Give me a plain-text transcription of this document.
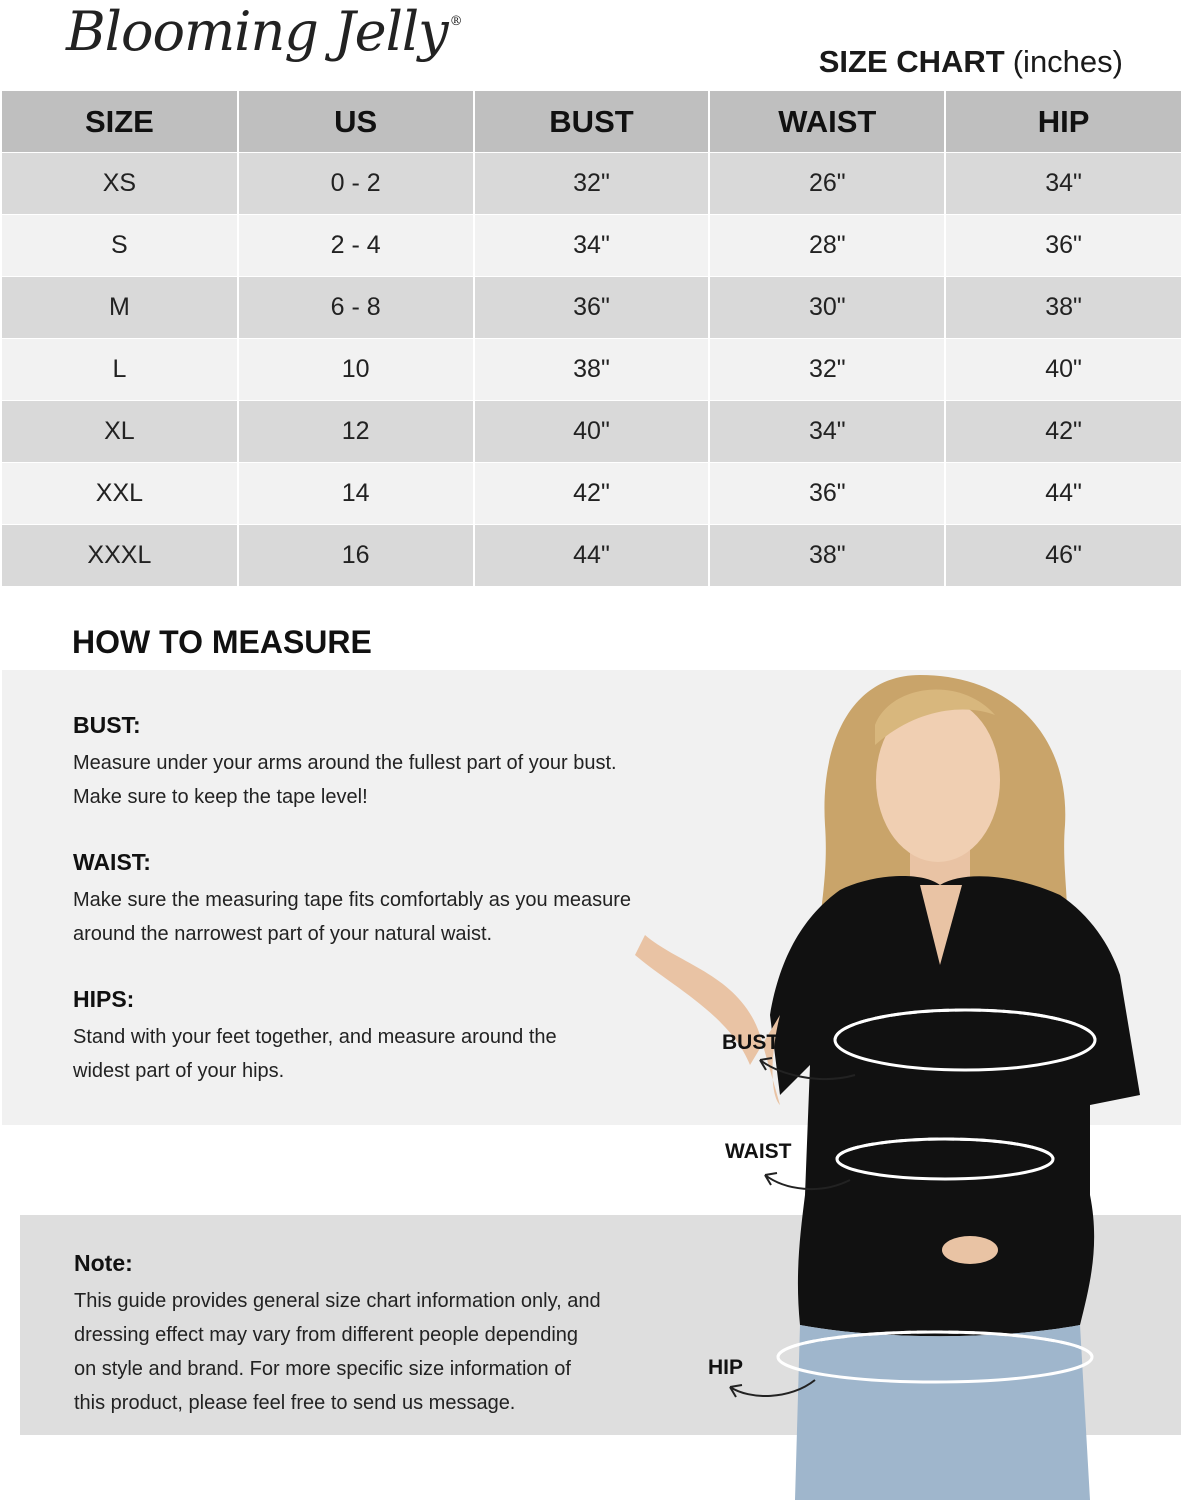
Blooming Jelly ®
SIZE CHART (inches)
SIZE	US	BUST	WAIST	HIP
XS	0 - 2	32"	26"	34"
S	2 - 4	34"	28"	36"
M	6 - 8	36"	30"	38"
L	10	38"	32"	40"
XL	12	40"	34"	42"
XXL	14	42"	36"	44"
XXXL	16	44"	38"	46"
HOW TO MEASURE
BUST:
Measure under your arms around the fullest part of your bust.
Make sure to keep the tape level!
WAIST:
Make sure the measuring tape fits comfortably as you measure
around the narrowest part of your natural waist.
HIPS:
Stand with your feet together, and measure around the
widest part of your hips.
Note:
This guide provides general size chart information only, and
dressing effect may vary from different people depending
on style and brand. For more specific size information of
this product, please feel free to send us message.
BUST
WAIST
HIP
